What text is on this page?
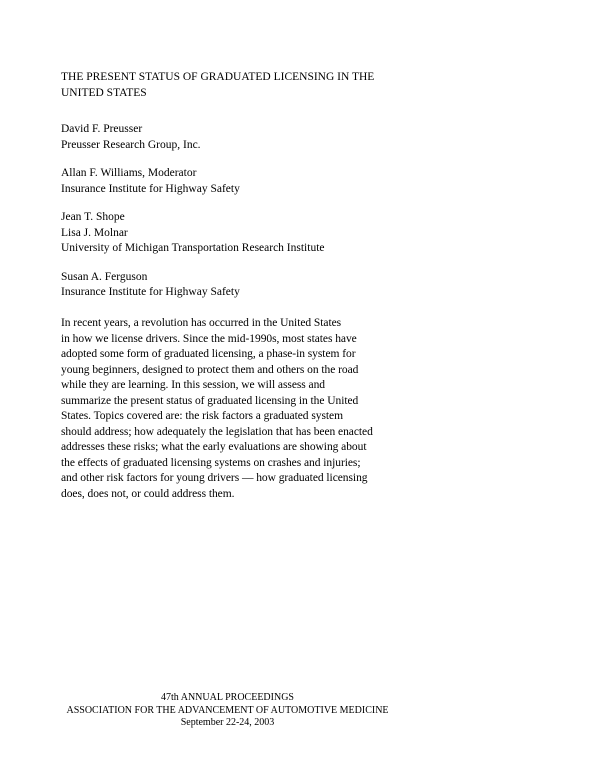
THE PRESENT STATUS OF GRADUATED LICENSING IN THE
UNITED STATES
David F. Preusser
Preusser Research Group, Inc.
Allan F. Williams, Moderator
Insurance Institute for Highway Safety
Jean T. Shope
Lisa J. Molnar
University of Michigan Transportation Research Institute
Susan A. Ferguson
Insurance Institute for Highway Safety

In recent years, a revolution has occurred in the United States
in how we license drivers. Since the mid-1990s, most states have
adopted some form of graduated licensing, a phase-in system for
young beginners, designed to protect them and others on the road
while they are learning. In this session, we will assess and
summarize the present status of graduated licensing in the United
States. Topics covered are: the risk factors a graduated system
should address; how adequately the legislation that has been enacted
addresses these risks; what the early evaluations are showing about
the effects of graduated licensing systems on crashes and injuries;
and other risk factors for young drivers — how graduated licensing
does, does not, or could address them.

47th ANNUAL PROCEEDINGS
ASSOCIATION FOR THE ADVANCEMENT OF AUTOMOTIVE MEDICINE
September 22-24, 2003
